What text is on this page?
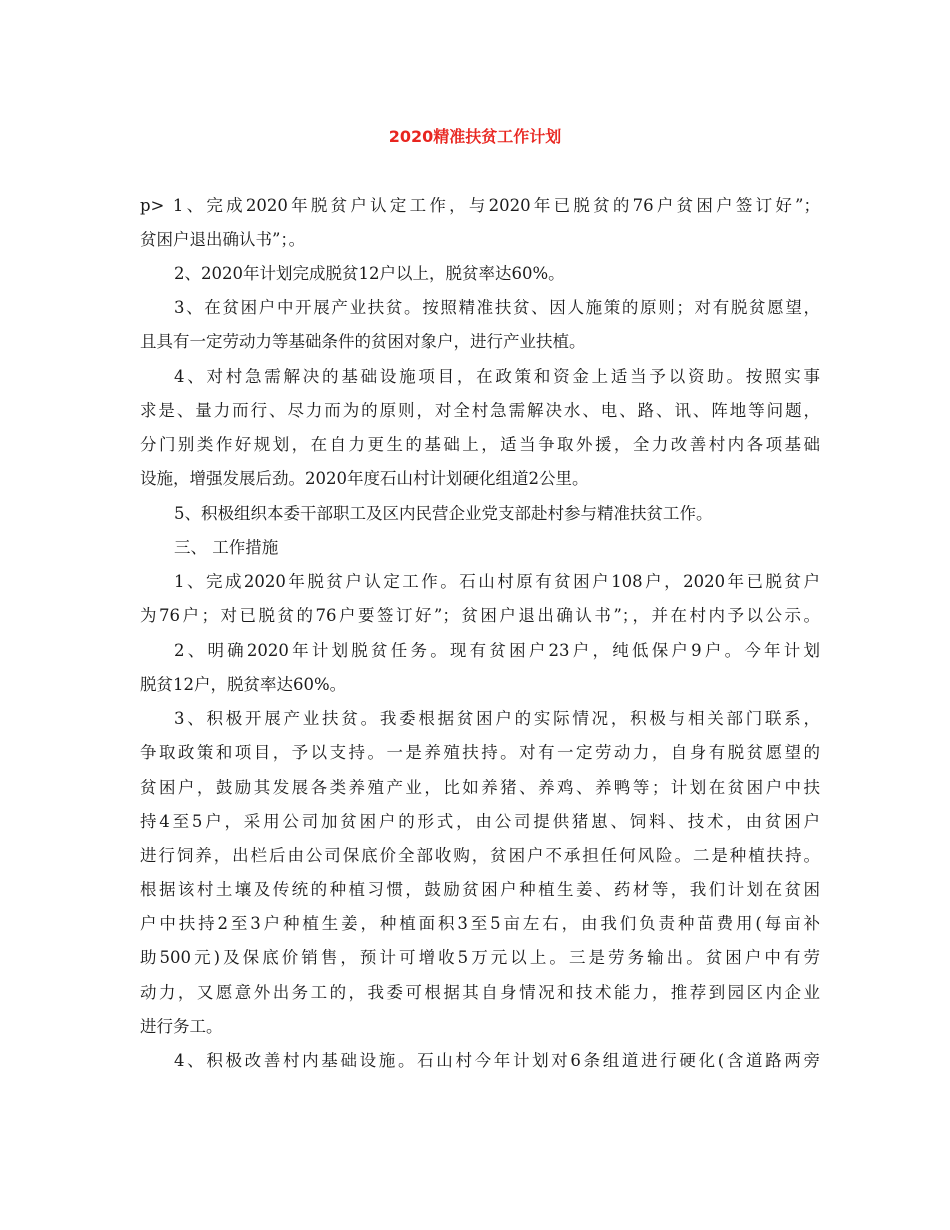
2020精准扶贫工作计划
p> 1、完成2020年脱贫户认定工作，与2020年已脱贫的76户贫困户签订好”；
贫困户退出确认书”；。
2、2020年计划完成脱贫12户以上，脱贫率达60%。
3、在贫困户中开展产业扶贫。按照精准扶贫、因人施策的原则；对有脱贫愿望，
且具有一定劳动力等基础条件的贫困对象户，进行产业扶植。
4、对村急需解决的基础设施项目，在政策和资金上适当予以资助。按照实事
求是、量力而行、尽力而为的原则，对全村急需解决水、电、路、讯、阵地等问题，
分门别类作好规划，在自力更生的基础上，适当争取外援，全力改善村内各项基础
设施，增强发展后劲。2020年度石山村计划硬化组道2公里。
5、积极组织本委干部职工及区内民营企业党支部赴村参与精准扶贫工作。
三、 工作措施
1、完成2020年脱贫户认定工作。石山村原有贫困户108户，2020年已脱贫户
为76户；对已脱贫的76户要签订好”；贫困户退出确认书”；，并在村内予以公示。
2、明确2020年计划脱贫任务。现有贫困户23户，纯低保户9户。今年计划
脱贫12户，脱贫率达60%。
3、积极开展产业扶贫。我委根据贫困户的实际情况，积极与相关部门联系，
争取政策和项目，予以支持。一是养殖扶持。对有一定劳动力，自身有脱贫愿望的
贫困户，鼓励其发展各类养殖产业，比如养猪、养鸡、养鸭等；计划在贫困户中扶
持4至5户，采用公司加贫困户的形式，由公司提供猪崽、饲料、技术，由贫困户
进行饲养，出栏后由公司保底价全部收购，贫困户不承担任何风险。二是种植扶持。
根据该村土壤及传统的种植习惯，鼓励贫困户种植生姜、药材等，我们计划在贫困
户中扶持2至3户种植生姜，种植面积3至5亩左右，由我们负责种苗费用(每亩补
助500元)及保底价销售，预计可增收5万元以上。三是劳务输出。贫困户中有劳
动力，又愿意外出务工的，我委可根据其自身情况和技术能力，推荐到园区内企业
进行务工。
4、积极改善村内基础设施。石山村今年计划对6条组道进行硬化(含道路两旁
